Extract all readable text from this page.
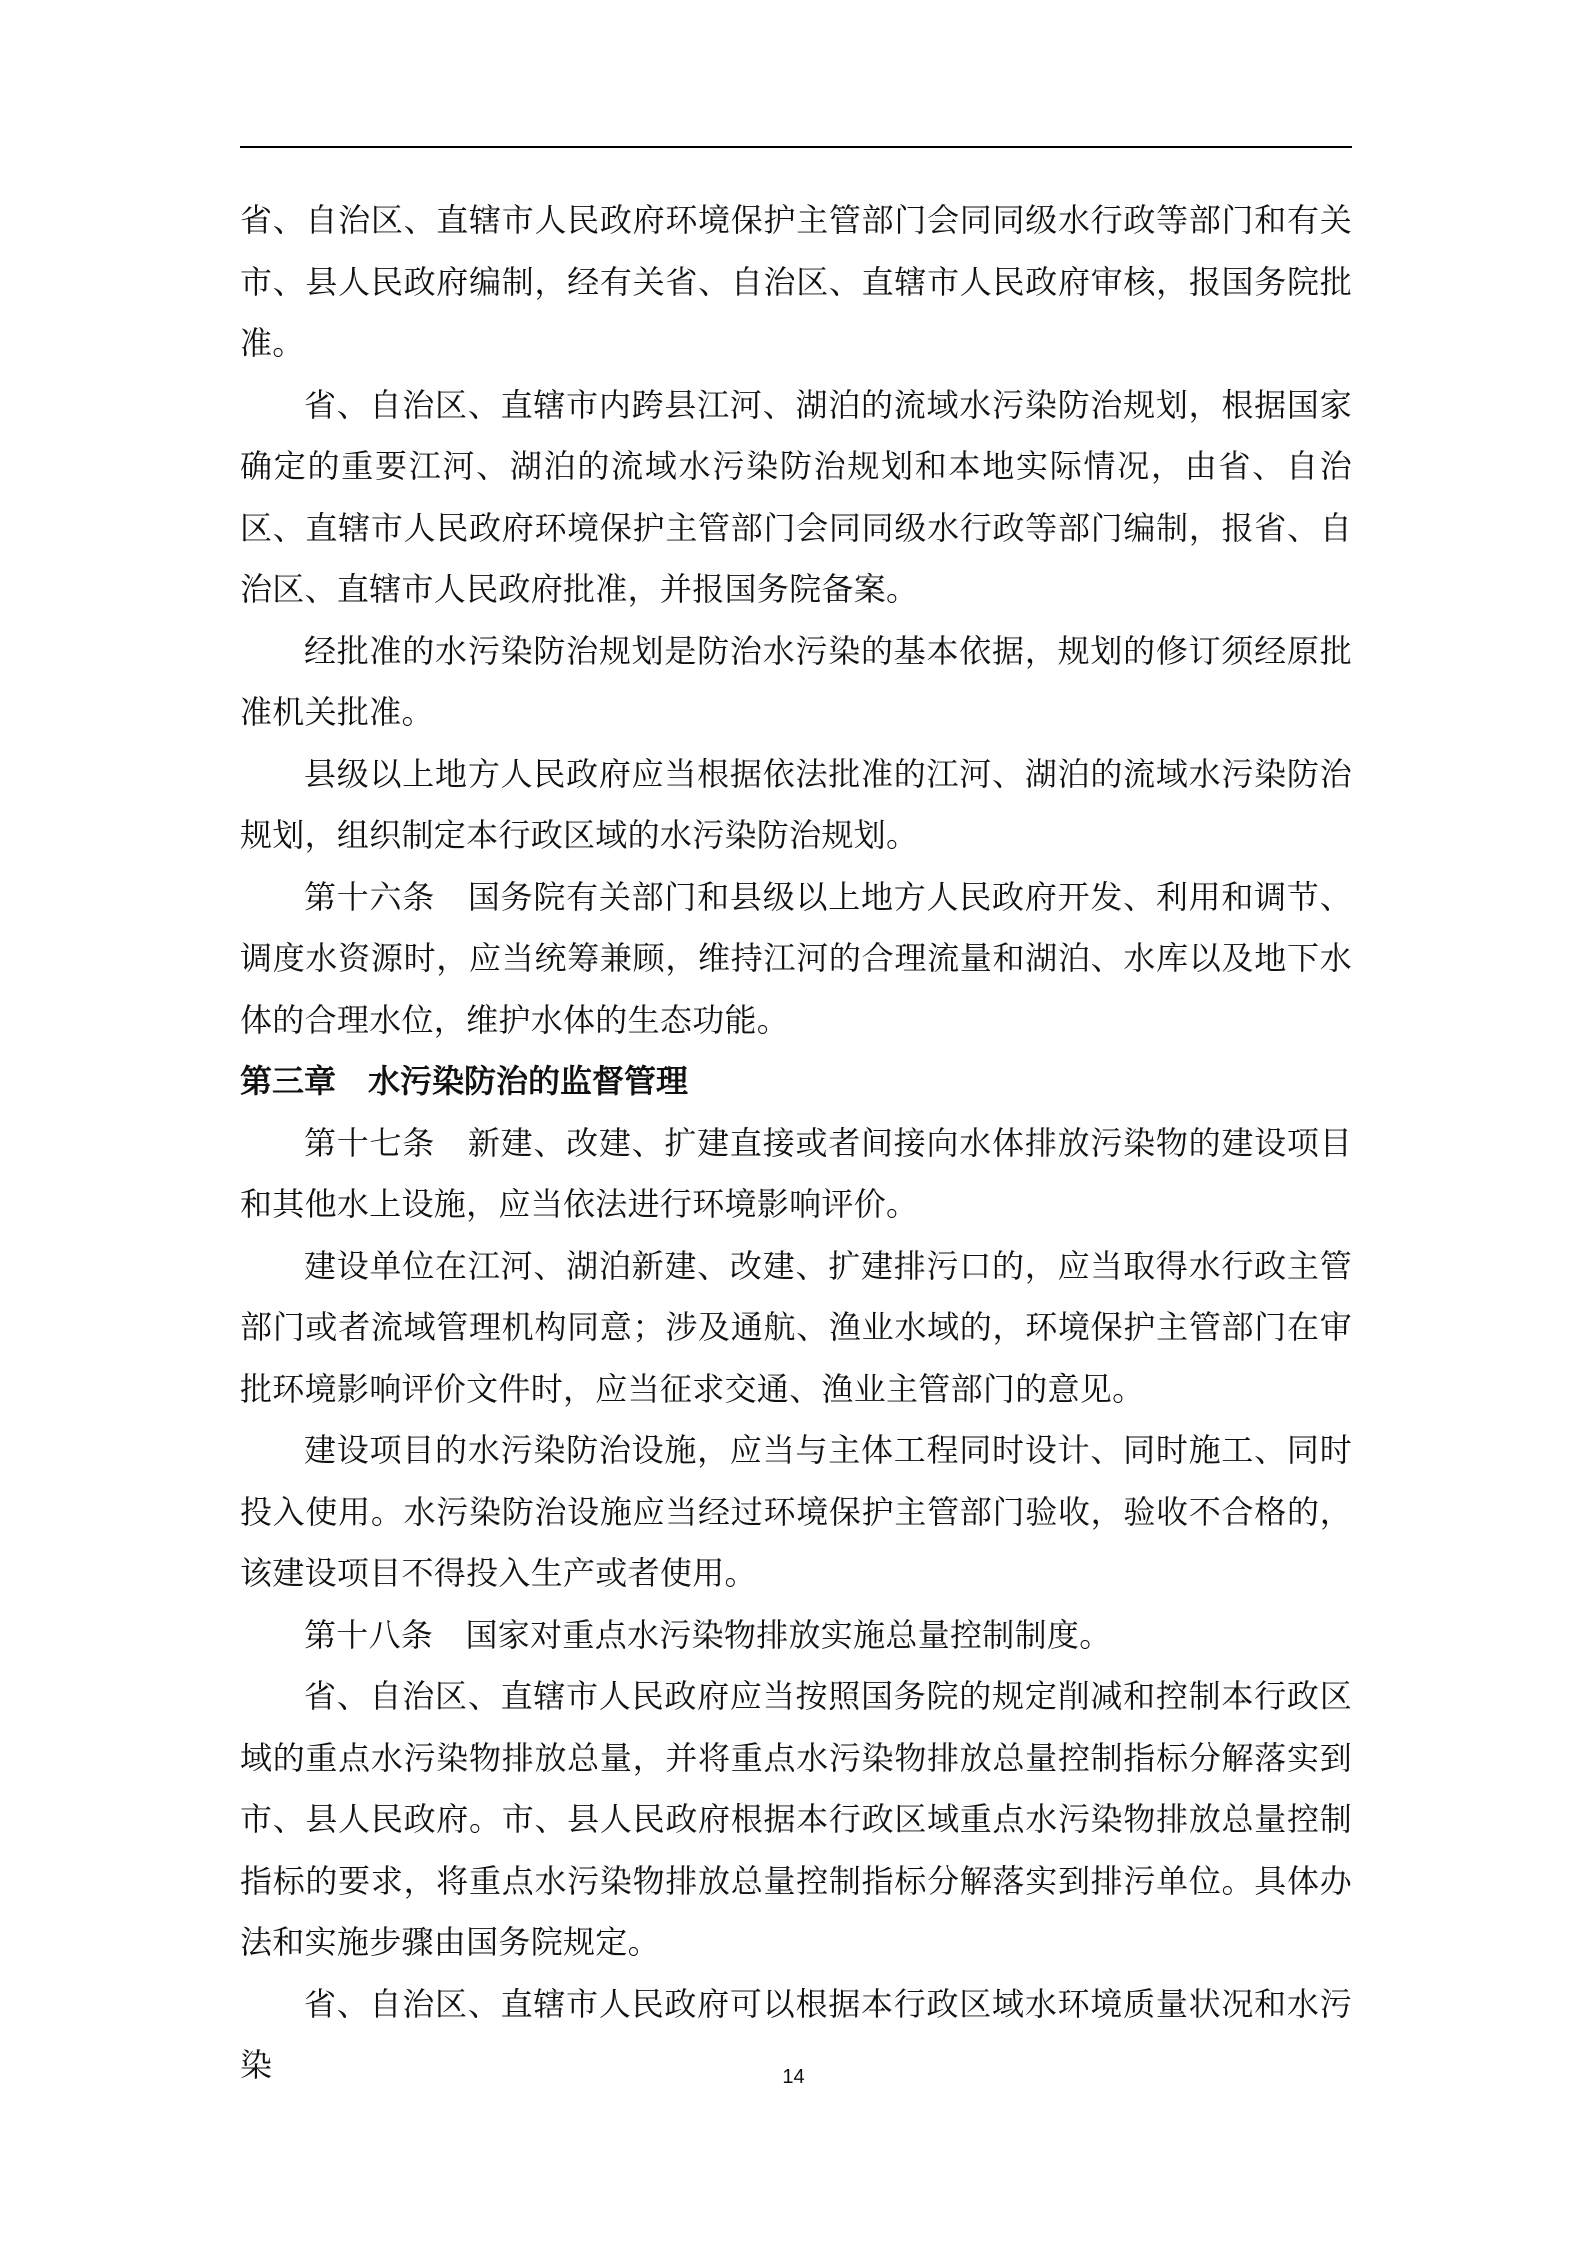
省、自治区、直辖市人民政府环境保护主管部门会同同级水行政等部门和有关市、县人民政府编制，经有关省、自治区、直辖市人民政府审核，报国务院批准。

省、自治区、直辖市内跨县江河、湖泊的流域水污染防治规划，根据国家确定的重要江河、湖泊的流域水污染防治规划和本地实际情况，由省、自治区、直辖市人民政府环境保护主管部门会同同级水行政等部门编制，报省、自治区、直辖市人民政府批准，并报国务院备案。

经批准的水污染防治规划是防治水污染的基本依据，规划的修订须经原批准机关批准。

县级以上地方人民政府应当根据依法批准的江河、湖泊的流域水污染防治规划，组织制定本行政区域的水污染防治规划。

第十六条　国务院有关部门和县级以上地方人民政府开发、利用和调节、调度水资源时，应当统筹兼顾，维持江河的合理流量和湖泊、水库以及地下水体的合理水位，维护水体的生态功能。

第三章　水污染防治的监督管理

第十七条　新建、改建、扩建直接或者间接向水体排放污染物的建设项目和其他水上设施，应当依法进行环境影响评价。

建设单位在江河、湖泊新建、改建、扩建排污口的，应当取得水行政主管部门或者流域管理机构同意；涉及通航、渔业水域的，环境保护主管部门在审批环境影响评价文件时，应当征求交通、渔业主管部门的意见。

建设项目的水污染防治设施，应当与主体工程同时设计、同时施工、同时投入使用。水污染防治设施应当经过环境保护主管部门验收，验收不合格的，该建设项目不得投入生产或者使用。

第十八条　国家对重点水污染物排放实施总量控制制度。

省、自治区、直辖市人民政府应当按照国务院的规定削减和控制本行政区域的重点水污染物排放总量，并将重点水污染物排放总量控制指标分解落实到市、县人民政府。市、县人民政府根据本行政区域重点水污染物排放总量控制指标的要求，将重点水污染物排放总量控制指标分解落实到排污单位。具体办法和实施步骤由国务院规定。

省、自治区、直辖市人民政府可以根据本行政区域水环境质量状况和水污染	14
